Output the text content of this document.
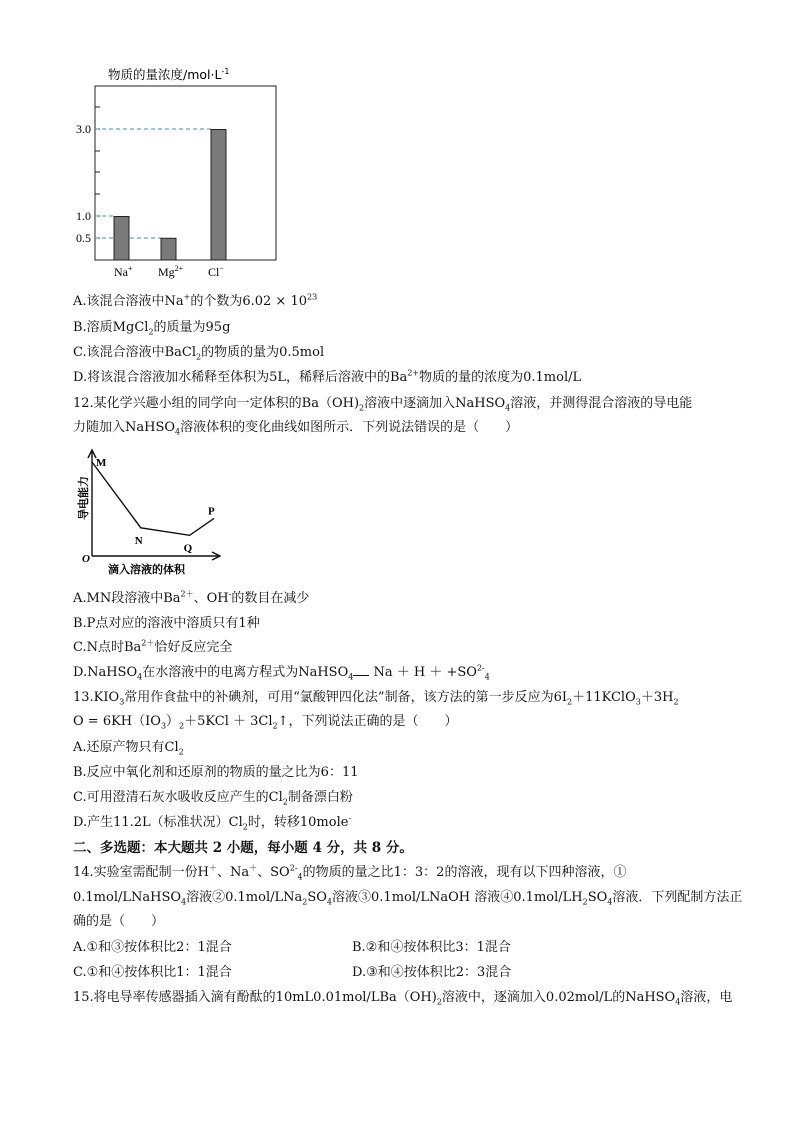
物质的量浓度$/mol\cdot L^{-1}$
3.0
1.0
0.5
Na+ $Mg^{2+}$ Cl−
A.该混合溶液中Na+的个数为$6.02 \times 10^{23}$
B.溶质MgCl$_2$的质量为95g
C.该混合溶液中BaCl$_2$的物质的量为0.5mol
D.将该混合溶液加水稀释至体积为5L，稀释后溶液中的$Ba^{2+}$物质的量的浓度为0.1mol/L
12.某化学兴趣小组的同学向一定体积的$Ba(OH)_2$溶液中逐滴加入NaHSO$_4$溶液，并测得混合溶液的导电能
力随加入NaHSO$_4$溶液体积的变化曲线如图所示．下列说法错误的是（　　）
M
N
Q
P
O
导电能力
滴入溶液的体积
A.MN段溶液中$Ba^{2+}$、OH-的数目在减少
B.P点对应的溶液中溶质只有1种
C.N点时$Ba^{2+}$恰好反应完全
D.NaHSO$_4$在水溶液中的电离方程式为NaHSO$_4$ $Na + H + +SO^{2-}_4$
$13.KIO_3$常用作食盐中的补碘剂，可用“氯酸钾四化法”制备，该方法的第一步反应为$6I_2+11KClO_3+3H_2$
$O = 6KH(IO_3)_2+5KCl$ ＋ $3Cl_2↑$，下列说法正确的是（　　）
A.还原产物只有$Cl_2$
B.反应中氧化剂和还原剂的物质的量之比为6：11
C.可用澄清石灰水吸收反应产生的$Cl_2$制备漂白粉
D.产生11.2L（标准状况）$Cl_2$时，转移10mole-
二、多选题：本大题共 2 小题，每小题 4 分，共 8 分。
14.实验室需配制一份H＋、Na＋、$SO^{2-}_4$的物质的量之比1：3：2的溶液，现有以下四种溶液，①
0.1mol/LNaHSO$_4$溶液$②0.1mol/LNa_2SO_4$溶液③0.1mol/LNaOH 溶液$④0.1mol/LH_2SO_4$溶液．下列配制方法正
确的是（　　）
A.①和③按体积比2：1混合	B.②和④按体积比3：1混合
C.①和④按体积比1：1混合	D.③和④按体积比2：3混合
15.将电导率传感器插入滴有酚酞的$10mL0.01mol/LBa(OH)_2$溶液中，逐滴加入0.02mol/L的NaHSO$_4$溶液，电
